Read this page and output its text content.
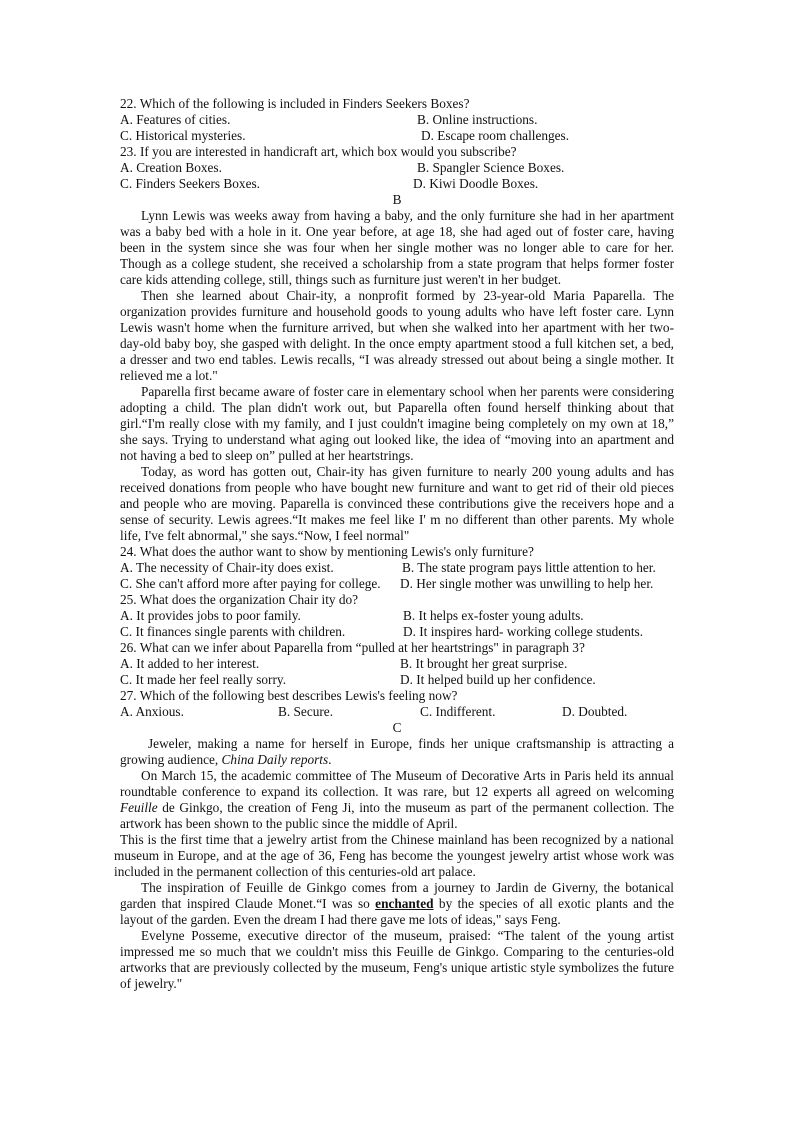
22. Which of the following is included in Finders Seekers Boxes?
A. Features of cities.	B. Online instructions.
C. Historical mysteries.	D. Escape room challenges.
23. If you are interested in handicraft art, which box would you subscribe?
A. Creation Boxes.	B. Spangler Science Boxes.
C. Finders Seekers Boxes.	D. Kiwi Doodle Boxes.
B

Lynn Lewis was weeks away from having a baby, and the only furniture she had in her apartment was a baby bed with a hole in it. One year before, at age 18, she had aged out of foster care, having been in the system since she was four when her single mother was no longer able to care for her. Though as a college student, she received a scholarship from a state program that helps former foster care kids attending college, still, things such as furniture just weren't in her budget.

Then she learned about Chair-ity, a nonprofit formed by 23-year-old Maria Paparella. The organization provides furniture and household goods to young adults who have left foster care. Lynn Lewis wasn't home when the furniture arrived, but when she walked into her apartment with her two-day-old baby boy, she gasped with delight. In the once empty apartment stood a full kitchen set, a bed, a dresser and two end tables. Lewis recalls, “I was already stressed out about being a single mother. It relieved me a lot."

Paparella first became aware of foster care in elementary school when her parents were considering adopting a child. The plan didn't work out, but Paparella often found herself thinking about that girl.“I'm really close with my family, and I just couldn't imagine being completely on my own at 18,” she says. Trying to understand what aging out looked like, the idea of “moving into an apartment and not having a bed to sleep on” pulled at her heartstrings.

Today, as word has gotten out, Chair-ity has given furniture to nearly 200 young adults and has received donations from people who have bought new furniture and want to get rid of their old pieces and people who are moving. Paparella is convinced these contributions give the receivers hope and a sense of security. Lewis agrees.“It makes me feel like I' m no different than other parents. My whole life, I've felt abnormal," she says.“Now, I feel normal"

24. What does the author want to show by mentioning Lewis's only furniture?
A. The necessity of Chair-ity does exist.	B. The state program pays little attention to her.
C. She can't afford more after paying for college.	D. Her single mother was unwilling to help her.
25. What does the organization Chair ity do?
A. It provides jobs to poor family.	B. It helps ex-foster young adults.
C. It finances single parents with children.	D. It inspires hard- working college students.
26. What can we infer about Paparella from “pulled at her heartstrings" in paragraph 3?
A. It added to her interest.	B. It brought her great surprise.
C. It made her feel really sorry.	D. It helped build up her confidence.
27. Which of the following best describes Lewis's feeling now?
A. Anxious.	B. Secure.	C. Indifferent.	D. Doubted.
C

Jeweler, making a name for herself in Europe, finds her unique craftsmanship is attracting a growing audience, China Daily reports.

On March 15, the academic committee of The Museum of Decorative Arts in Paris held its annual roundtable conference to expand its collection. It was rare, but 12 experts all agreed on welcoming Feuille de Ginkgo, the creation of Feng Ji, into the museum as part of the permanent collection. The artwork has been shown to the public since the middle of April.

This is the first time that a jewelry artist from the Chinese mainland has been recognized by a national museum in Europe, and at the age of 36, Feng has become the youngest jewelry artist whose work was included in the permanent collection of this centuries-old art palace.

The inspiration of Feuille de Ginkgo comes from a journey to Jardin de Giverny, the botanical garden that inspired Claude Monet.“I was so enchanted by the species of all exotic plants and the layout of the garden. Even the dream I had there gave me lots of ideas," says Feng.

Evelyne Posseme, executive director of the museum, praised: “The talent of the young artist impressed me so much that we couldn't miss this Feuille de Ginkgo. Comparing to the centuries-old artworks that are previously collected by the museum, Feng's unique artistic style symbolizes the future of jewelry."
